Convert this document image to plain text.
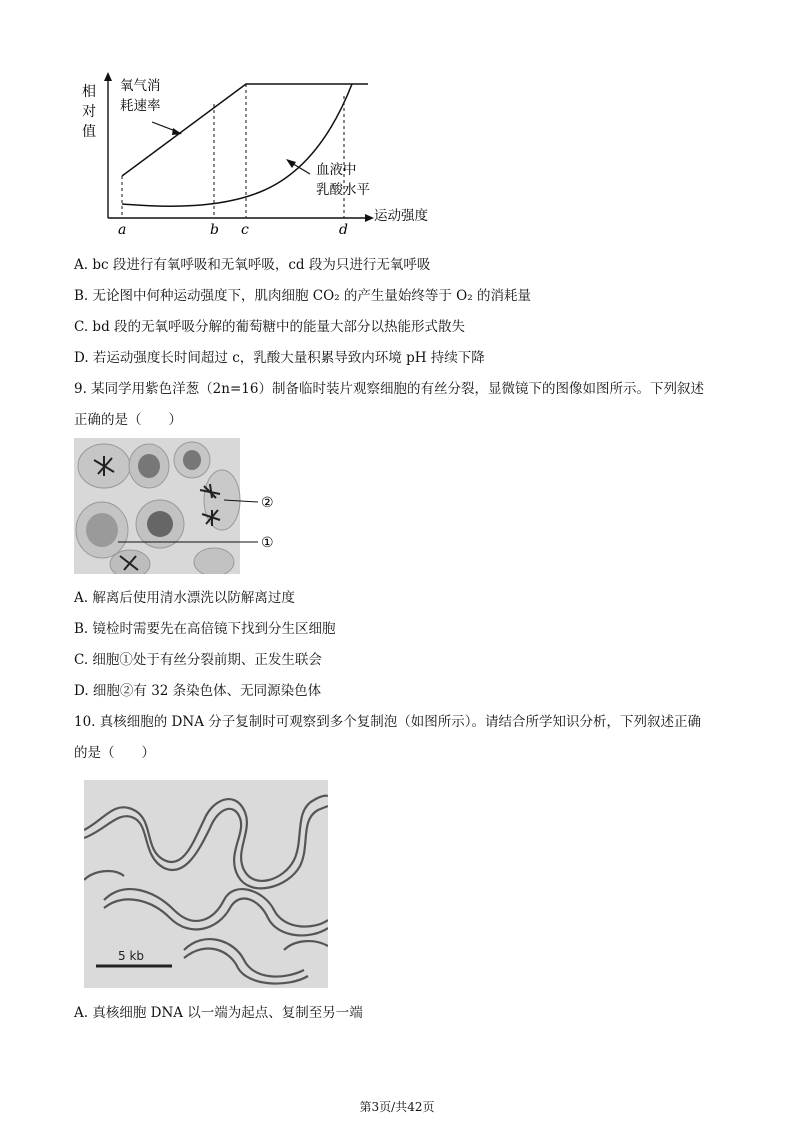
相
对
值
氧气消
耗速率
血液中
乳酸水平
运动强度
a	b c	d
A. bc 段进行有氧呼吸和无氧呼吸，cd 段为只进行无氧呼吸
B. 无论图中何种运动强度下，肌肉细胞 CO₂ 的产生量始终等于 O₂ 的消耗量
C. bd 段的无氧呼吸分解的葡萄糖中的能量大部分以热能形式散失
D. 若运动强度长时间超过 c，乳酸大量积累导致内环境 pH 持续下降
9. 某同学用紫色洋葱（2n=16）制备临时装片观察细胞的有丝分裂，显微镜下的图像如图所示。下列叙述
正确的是（　　）
②
①
A. 解离后使用清水漂洗以防解离过度
B. 镜检时需要先在高倍镜下找到分生区细胞
C. 细胞①处于有丝分裂前期、正发生联会
D. 细胞②有 32 条染色体、无同源染色体
10. 真核细胞的 DNA 分子复制时可观察到多个复制泡（如图所示）。请结合所学知识分析，下列叙述正确
的是（　　）
5 kb
A. 真核细胞 DNA 以一端为起点、复制至另一端
第3页/共42页
